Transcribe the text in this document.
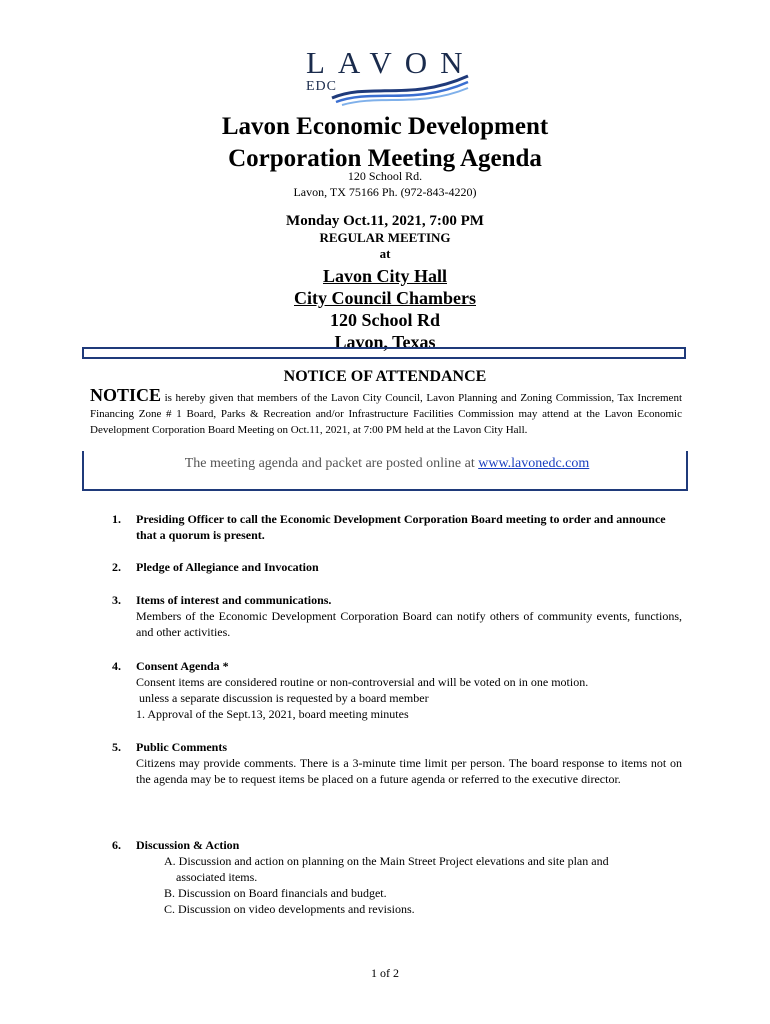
LAVON
EDC
Lavon Economic Development
Corporation Meeting Agenda
120 School Rd.
Lavon, TX 75166 Ph. (972-843-4220)
Monday Oct.11, 2021, 7:00 PM
REGULAR MEETING
at
Lavon City Hall
City Council Chambers
120 School Rd
Lavon, Texas
NOTICE OF ATTENDANCE
NOTICE is hereby given that members of the Lavon City Council, Lavon Planning and Zoning Commission, Tax Increment Financing Zone # 1 Board, Parks & Recreation and/or Infrastructure Facilities Commission may attend at the Lavon Economic Development Corporation Board Meeting on Oct.11, 2021, at 7:00 PM held at the Lavon City Hall.
The meeting agenda and packet are posted online at www.lavonedc.com
1.	Presiding Officer to call the Economic Development Corporation Board meeting to order and announce that a quorum is present.
2.	Pledge of Allegiance and Invocation
3.	Items of interest and communications.
Members of the Economic Development Corporation Board can notify others of community events, functions, and other activities.
4.	Consent Agenda *
Consent items are considered routine or non-controversial and will be voted on in one motion.
unless a separate discussion is requested by a board member
1. Approval of the Sept.13, 2021, board meeting minutes
5.	Public Comments
Citizens may provide comments. There is a 3-minute time limit per person. The board response to items not on the agenda may be to request items be placed on a future agenda or referred to the executive director.
6.	Discussion & Action
A. Discussion and action on planning on the Main Street Project elevations and site plan and
associated items.
B. Discussion on Board financials and budget.
C. Discussion on video developments and revisions.
1 of 2
